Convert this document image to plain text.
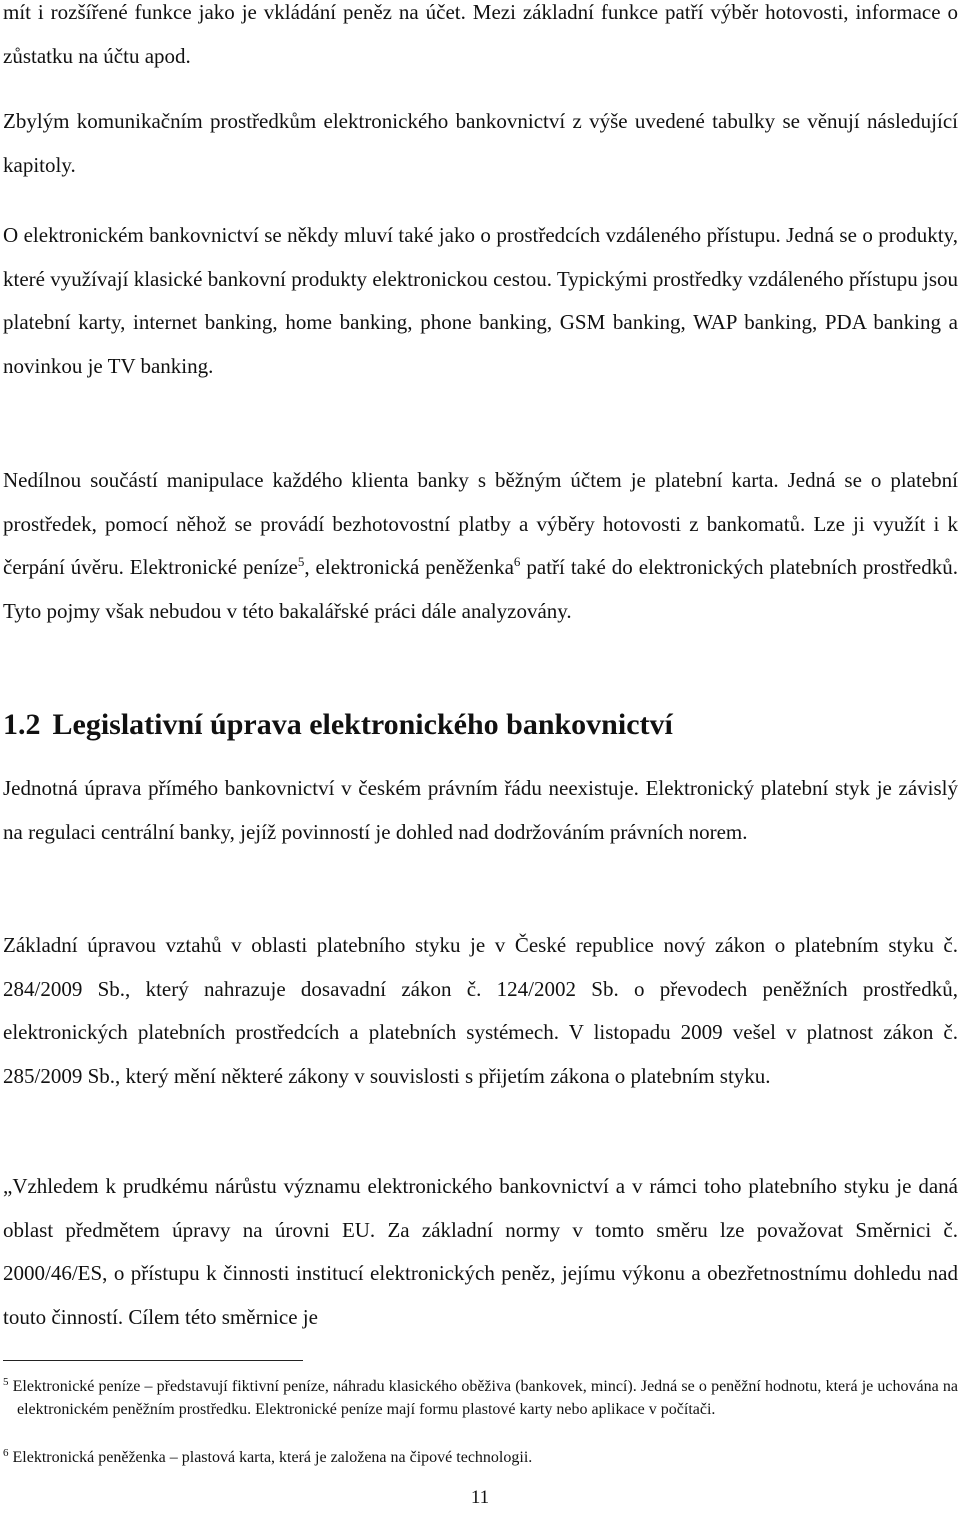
mít i rozšířené funkce jako je vkládání peněz na účet. Mezi základní funkce patří výběr hotovosti, informace o zůstatku na účtu apod.

Zbylým komunikačním prostředkům elektronického bankovnictví z výše uvedené tabulky se věnují následující kapitoly.

O elektronickém bankovnictví se někdy mluví také jako o prostředcích vzdáleného přístupu. Jedná se o produkty, které využívají klasické bankovní produkty elektronickou cestou. Typickými prostředky vzdáleného přístupu jsou platební karty, internet banking, home banking, phone banking, GSM banking, WAP banking, PDA banking a novinkou je TV banking.

Nedílnou součástí manipulace každého klienta banky s běžným účtem je platební karta. Jedná se o platební prostředek, pomocí něhož se provádí bezhotovostní platby a výběry hotovosti z bankomatů. Lze ji využít i k čerpání úvěru. Elektronické peníze$^5$, elektronická peněženka$^6$ patří také do elektronických platebních prostředků. Tyto pojmy však nebudou v této bakalářské práci dále analyzovány.

1.2 Legislativní úprava elektronického bankovnictví

Jednotná úprava přímého bankovnictví v českém právním řádu neexistuje. Elektronický platební styk je závislý na regulaci centrální banky, jejíž povinností je dohled nad dodržováním právních norem.

Základní úpravou vztahů v oblasti platebního styku je v České republice nový zákon o platebním styku č. 284/2009 Sb., který nahrazuje dosavadní zákon č. 124/2002 Sb. o převodech peněžních prostředků, elektronických platebních prostředcích a platebních systémech. V listopadu 2009 vešel v platnost zákon č. 285/2009 Sb., který mění některé zákony v souvislosti s přijetím zákona o platebním styku.

„Vzhledem k prudkému nárůstu významu elektronického bankovnictví a v rámci toho platebního styku je daná oblast předmětem úpravy na úrovni EU. Za základní normy v tomto směru lze považovat Směrnici č. 2000/46/ES, o přístupu k činnosti institucí elektronických peněz, jejímu výkonu a obezřetnostnímu dohledu nad touto činností. Cílem této směrnice je

$^5$ Elektronické peníze – představují fiktivní peníze, náhradu klasického oběživa (bankovek, mincí). Jedná se o peněžní hodnotu, která je uchována na elektronickém peněžním prostředku. Elektronické peníze mají formu plastové karty nebo aplikace v počítači.

$^6$ Elektronická peněženka – plastová karta, která je založena na čipové technologii.

11
